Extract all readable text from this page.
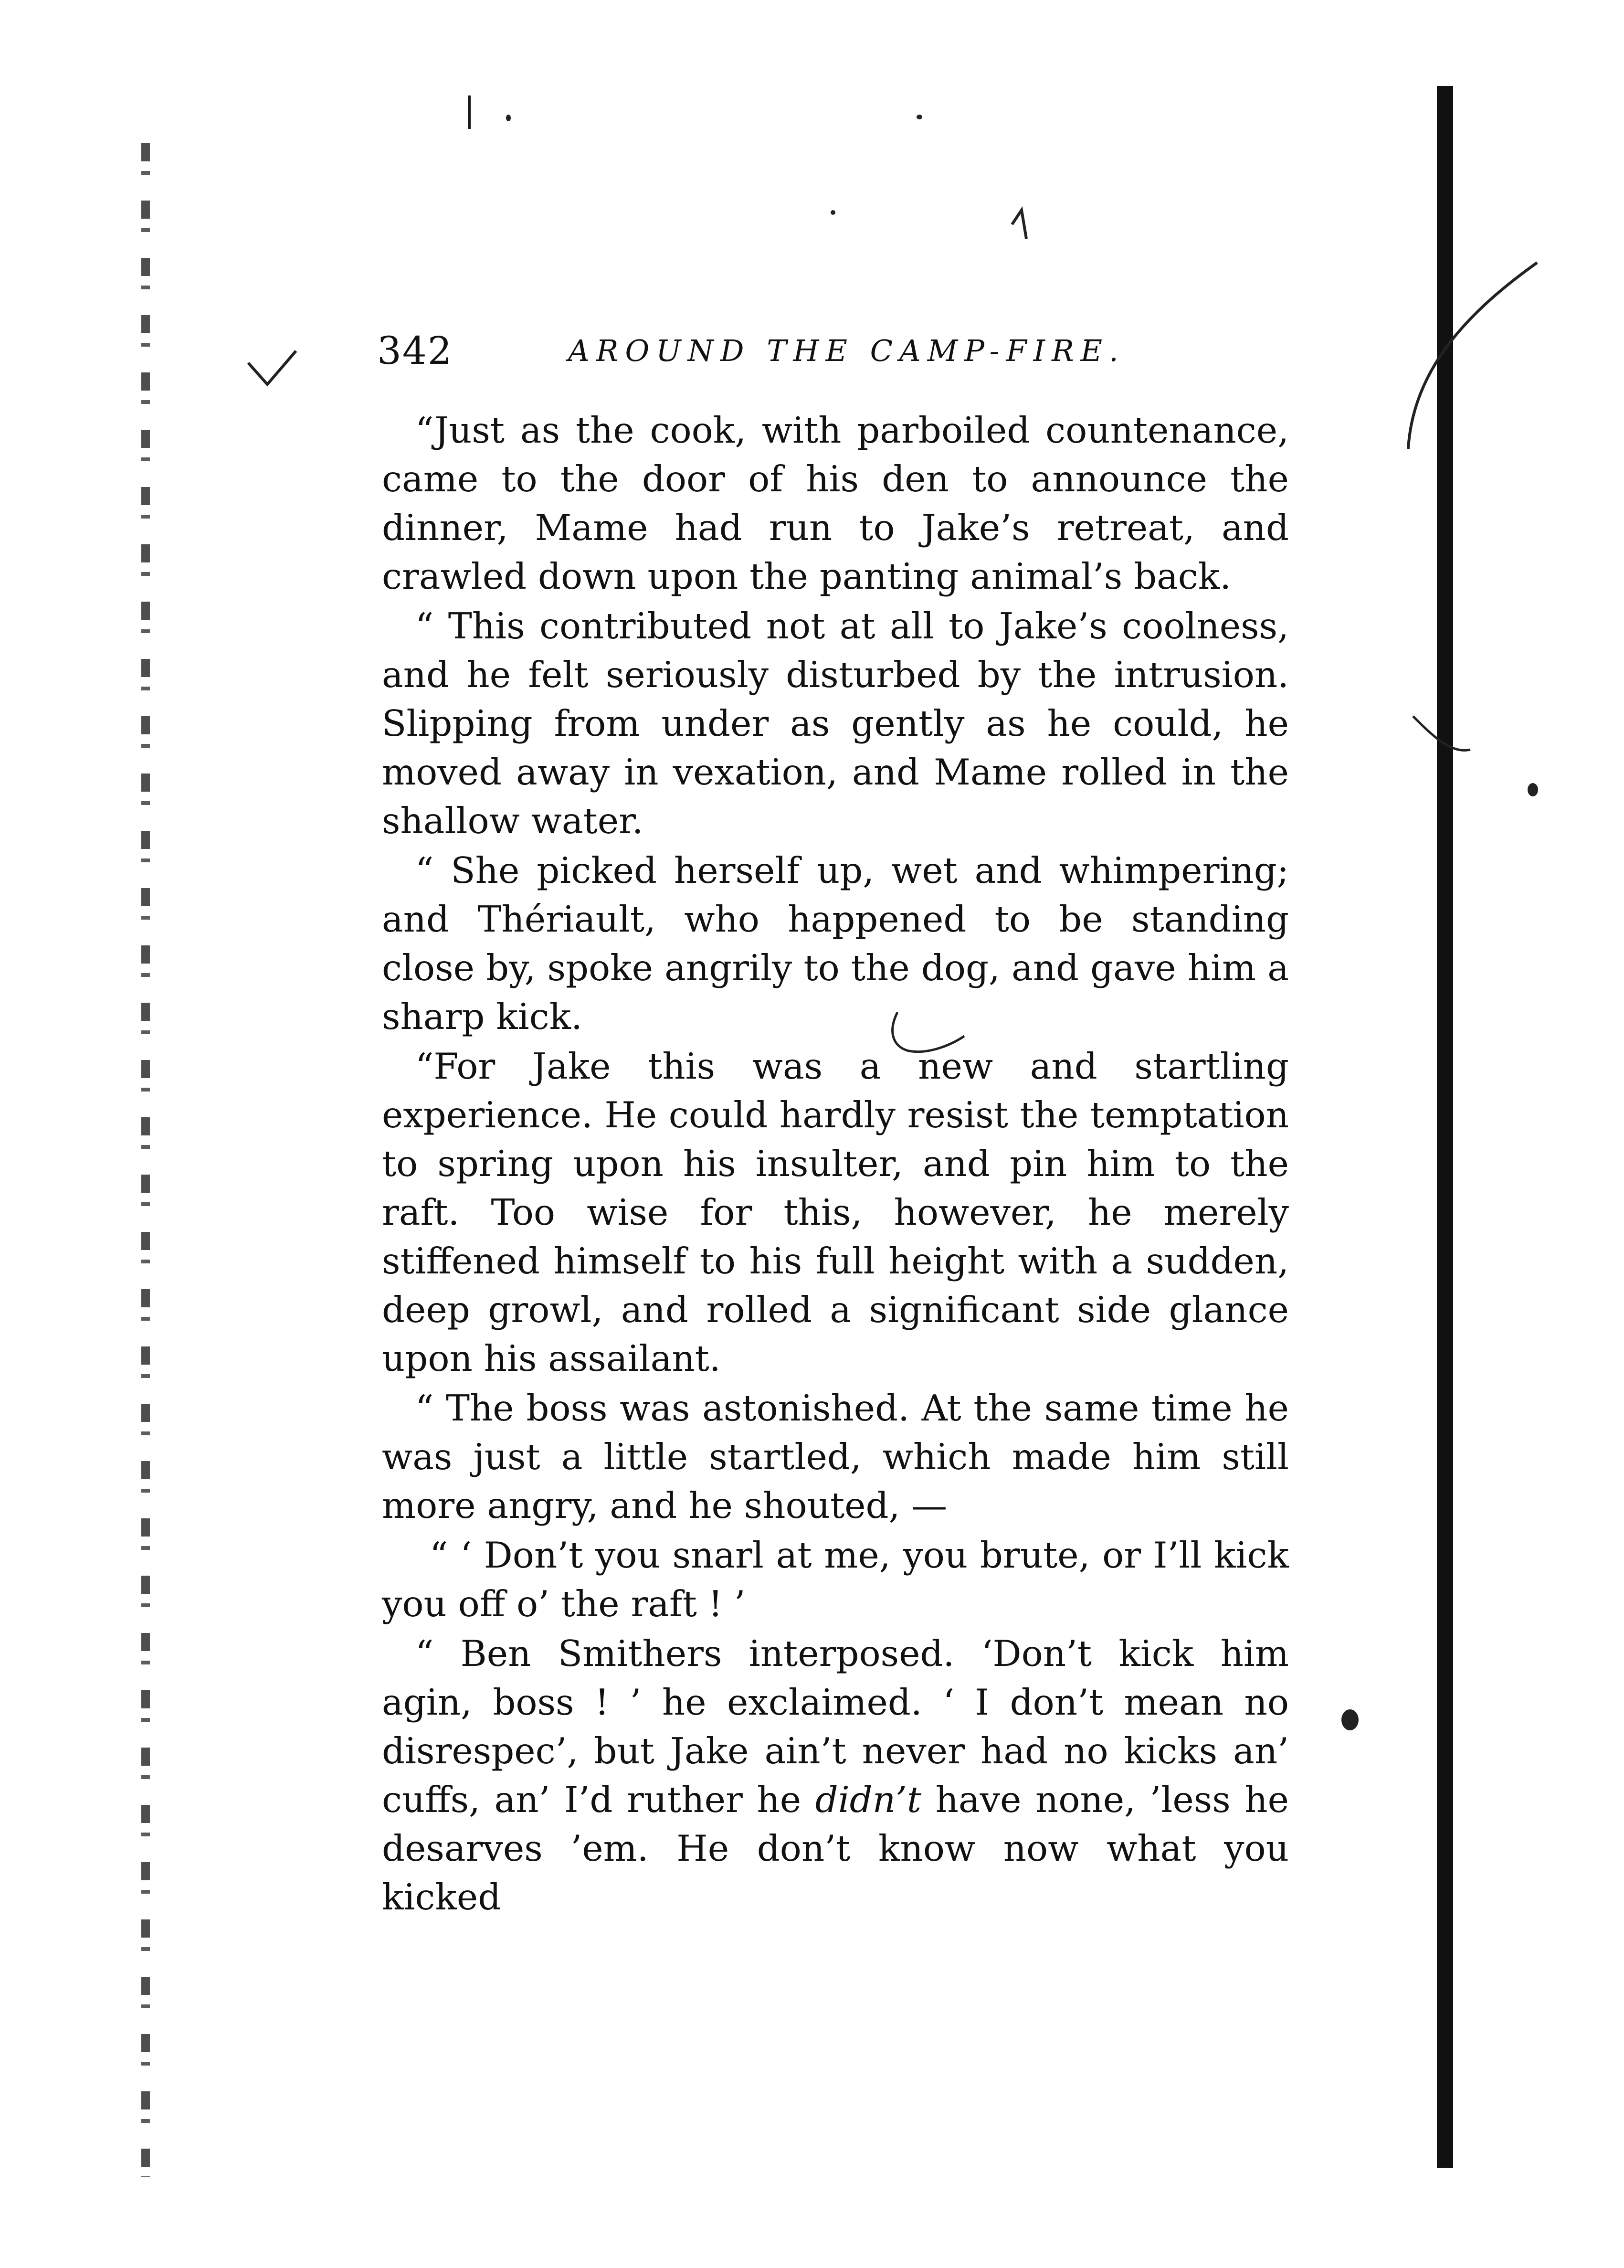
342	AROUND THE CAMP-FIRE.

“Just as the cook, with parboiled countenance, came to the door of his den to announce the dinner, Mame had run to Jake’s retreat, and crawled down upon the panting animal’s back.

“ This contributed not at all to Jake’s coolness, and he felt seriously disturbed by the intrusion. Slipping from under as gently as he could, he moved away in vexation, and Mame rolled in the shallow water.

“ She picked herself up, wet and whimpering; and Thériault, who happened to be standing close by, spoke angrily to the dog, and gave him a sharp kick.

“For Jake this was a new and startling experience. He could hardly resist the temptation to spring upon his insulter, and pin him to the raft. Too wise for this, however, he merely stiffened himself to his full height with a sudden, deep growl, and rolled a significant side glance upon his assailant.

“ The boss was astonished. At the same time he was just a little startled, which made him still more angry, and he shouted, —

“ ‘ Don’t you snarl at me, you brute, or I’ll kick you off o’ the raft ! ’

“ Ben Smithers interposed. ‘Don’t kick him agin, boss ! ’ he exclaimed. ‘ I don’t mean no disrespec’, but Jake ain’t never had no kicks an’ cuffs, an’ I’d ruther he didn’t have none, ’less he desarves ’em. He don’t know now what you kicked
